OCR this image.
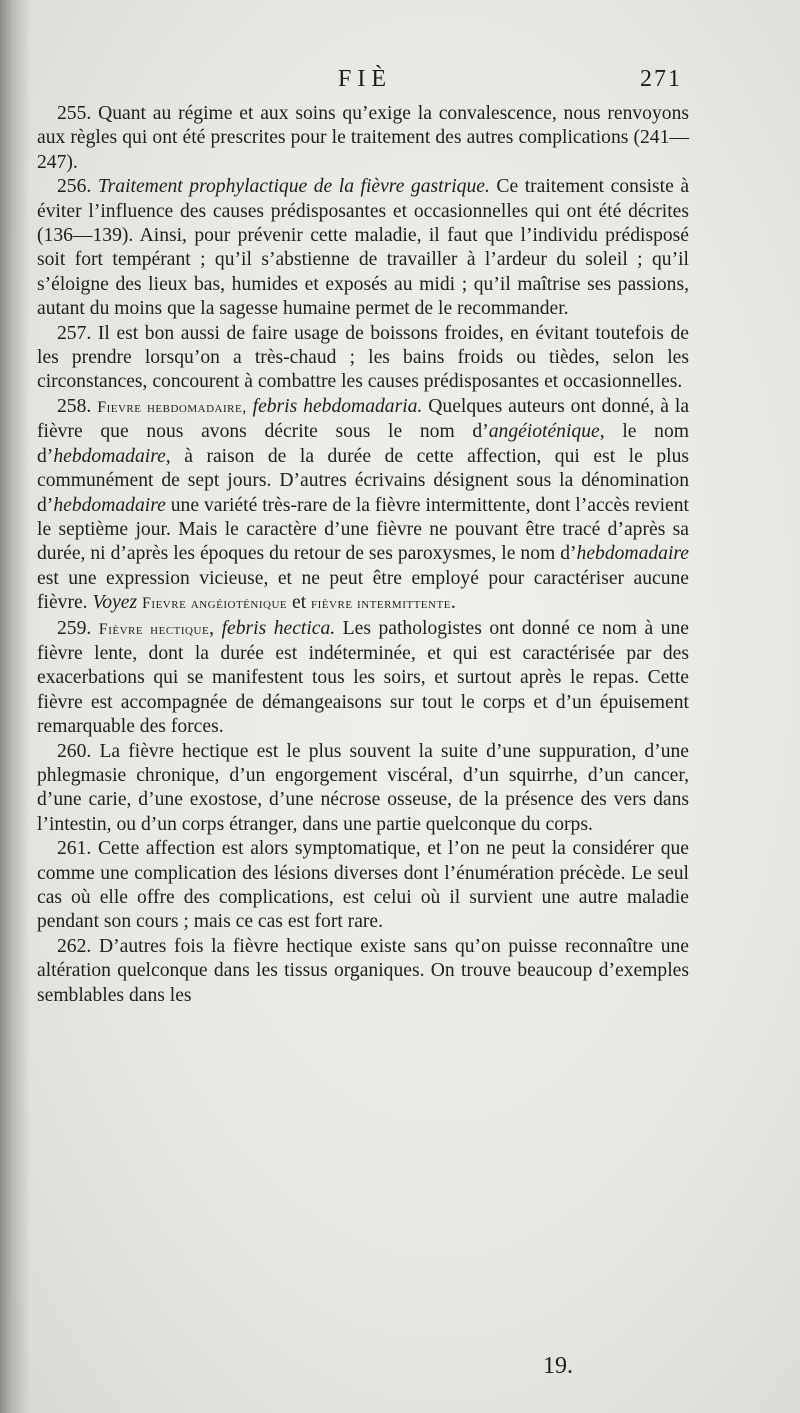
FIÈ	271

255. Quant au régime et aux soins qu’exige la convalescence, nous renvoyons aux règles qui ont été prescrites pour le traitement des autres complications (241—247).

256. Traitement prophylactique de la fièvre gastrique. Ce traitement consiste à éviter l’influence des causes prédisposantes et occasionnelles qui ont été décrites (136—139). Ainsi, pour prévenir cette maladie, il faut que l’individu prédisposé soit fort tempérant ; qu’il s’abstienne de travailler à l’ardeur du soleil ; qu’il s’éloigne des lieux bas, humides et exposés au midi ; qu’il maîtrise ses passions, autant du moins que la sagesse humaine permet de le recommander.

257. Il est bon aussi de faire usage de boissons froides, en évitant toutefois de les prendre lorsqu’on a très-chaud ; les bains froids ou tièdes, selon les circonstances, concourent à combattre les causes prédisposantes et occasionnelles.

258. Fievre hebdomadaire, febris hebdomadaria. Quelques auteurs ont donné, à la fièvre que nous avons décrite sous le nom d’angéioténique, le nom d’hebdomadaire, à raison de la durée de cette affection, qui est le plus communément de sept jours. D’autres écrivains désignent sous la dénomination d’hebdomadaire une variété très-rare de la fièvre intermittente, dont l’accès revient le septième jour. Mais le caractère d’une fièvre ne pouvant être tracé d’après sa durée, ni d’après les époques du retour de ses paroxysmes, le nom d’hebdomadaire est une expression vicieuse, et ne peut être employé pour caractériser aucune fièvre. Voyez Fievre angéioténique et fièvre intermittente.

259. Fièvre hectique, febris hectica. Les pathologistes ont donné ce nom à une fièvre lente, dont la durée est indéterminée, et qui est caractérisée par des exacerbations qui se manifestent tous les soirs, et surtout après le repas. Cette fièvre est accompagnée de démangeaisons sur tout le corps et d’un épuisement remarquable des forces.

260. La fièvre hectique est le plus souvent la suite d’une suppuration, d’une phlegmasie chronique, d’un engorgement viscéral, d’un squirrhe, d’un cancer, d’une carie, d’une exostose, d’une nécrose osseuse, de la présence des vers dans l’intestin, ou d’un corps étranger, dans une partie quelconque du corps.

261. Cette affection est alors symptomatique, et l’on ne peut la considérer que comme une complication des lésions diverses dont l’énumération précède. Le seul cas où elle offre des complications, est celui où il survient une autre maladie pendant son cours ; mais ce cas est fort rare.

262. D’autres fois la fièvre hectique existe sans qu’on puisse reconnaître une altération quelconque dans les tissus organiques. On trouve beaucoup d’exemples semblables dans les

19.
